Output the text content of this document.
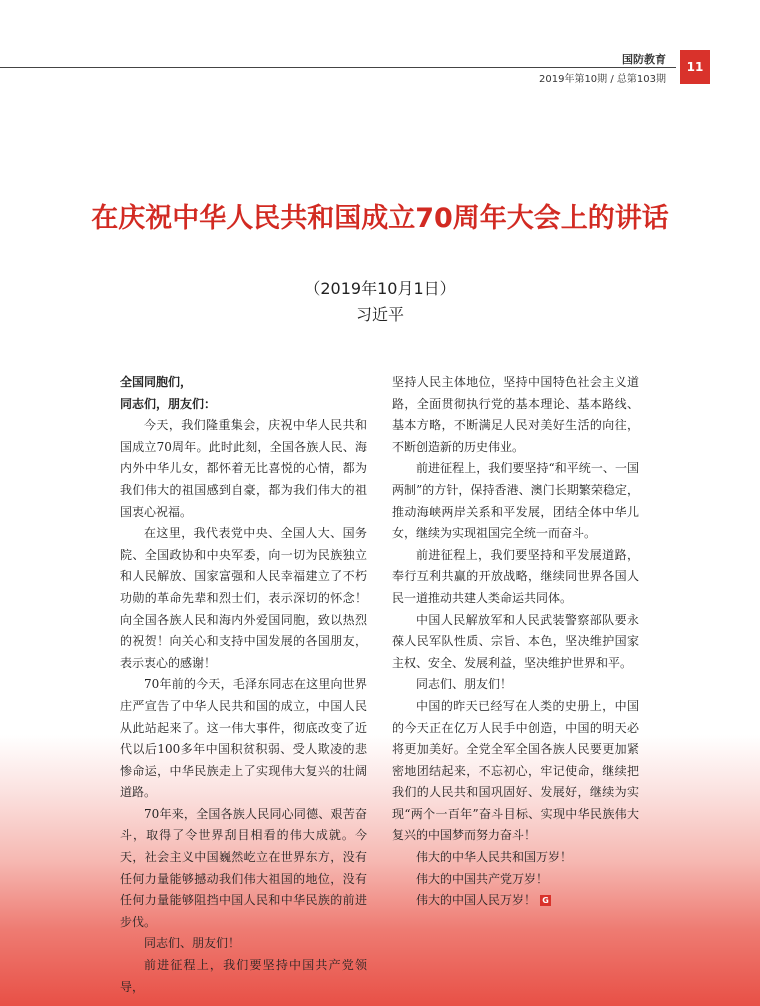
国防教育
2019年第10期 / 总第103期
11
在庆祝中华人民共和国成立70周年大会上的讲话
（2019年10月1日）
习近平

全国同胞们，

同志们，朋友们：

今天，我们隆重集会，庆祝中华人民共和国成立70周年。此时此刻，全国各族人民、海内外中华儿女，都怀着无比喜悦的心情，都为我们伟大的祖国感到自豪，都为我们伟大的祖国衷心祝福。

在这里，我代表党中央、全国人大、国务院、全国政协和中央军委，向一切为民族独立和人民解放、国家富强和人民幸福建立了不朽功勋的革命先辈和烈士们，表示深切的怀念！向全国各族人民和海内外爱国同胞，致以热烈的祝贺！向关心和支持中国发展的各国朋友，表示衷心的感谢！

70年前的今天，毛泽东同志在这里向世界庄严宣告了中华人民共和国的成立，中国人民从此站起来了。这一伟大事件，彻底改变了近代以后100多年中国积贫积弱、受人欺凌的悲惨命运，中华民族走上了实现伟大复兴的壮阔道路。

70年来，全国各族人民同心同德、艰苦奋斗，取得了令世界刮目相看的伟大成就。今天，社会主义中国巍然屹立在世界东方，没有任何力量能够撼动我们伟大祖国的地位，没有任何力量能够阻挡中国人民和中华民族的前进步伐。

同志们、朋友们！

前进征程上，我们要坚持中国共产党领导，

坚持人民主体地位，坚持中国特色社会主义道路，全面贯彻执行党的基本理论、基本路线、基本方略，不断满足人民对美好生活的向往，不断创造新的历史伟业。

前进征程上，我们要坚持“和平统一、一国两制”的方针，保持香港、澳门长期繁荣稳定，推动海峡两岸关系和平发展，团结全体中华儿女，继续为实现祖国完全统一而奋斗。

前进征程上，我们要坚持和平发展道路，奉行互利共赢的开放战略，继续同世界各国人民一道推动共建人类命运共同体。

中国人民解放军和人民武装警察部队要永葆人民军队性质、宗旨、本色，坚决维护国家主权、安全、发展利益，坚决维护世界和平。

同志们、朋友们！

中国的昨天已经写在人类的史册上，中国的今天正在亿万人民手中创造，中国的明天必将更加美好。全党全军全国各族人民要更加紧密地团结起来，不忘初心，牢记使命，继续把我们的人民共和国巩固好、发展好，继续为实现“两个一百年”奋斗目标、实现中华民族伟大复兴的中国梦而努力奋斗！

伟大的中华人民共和国万岁！

伟大的中国共产党万岁！

伟大的中国人民万岁！ G
